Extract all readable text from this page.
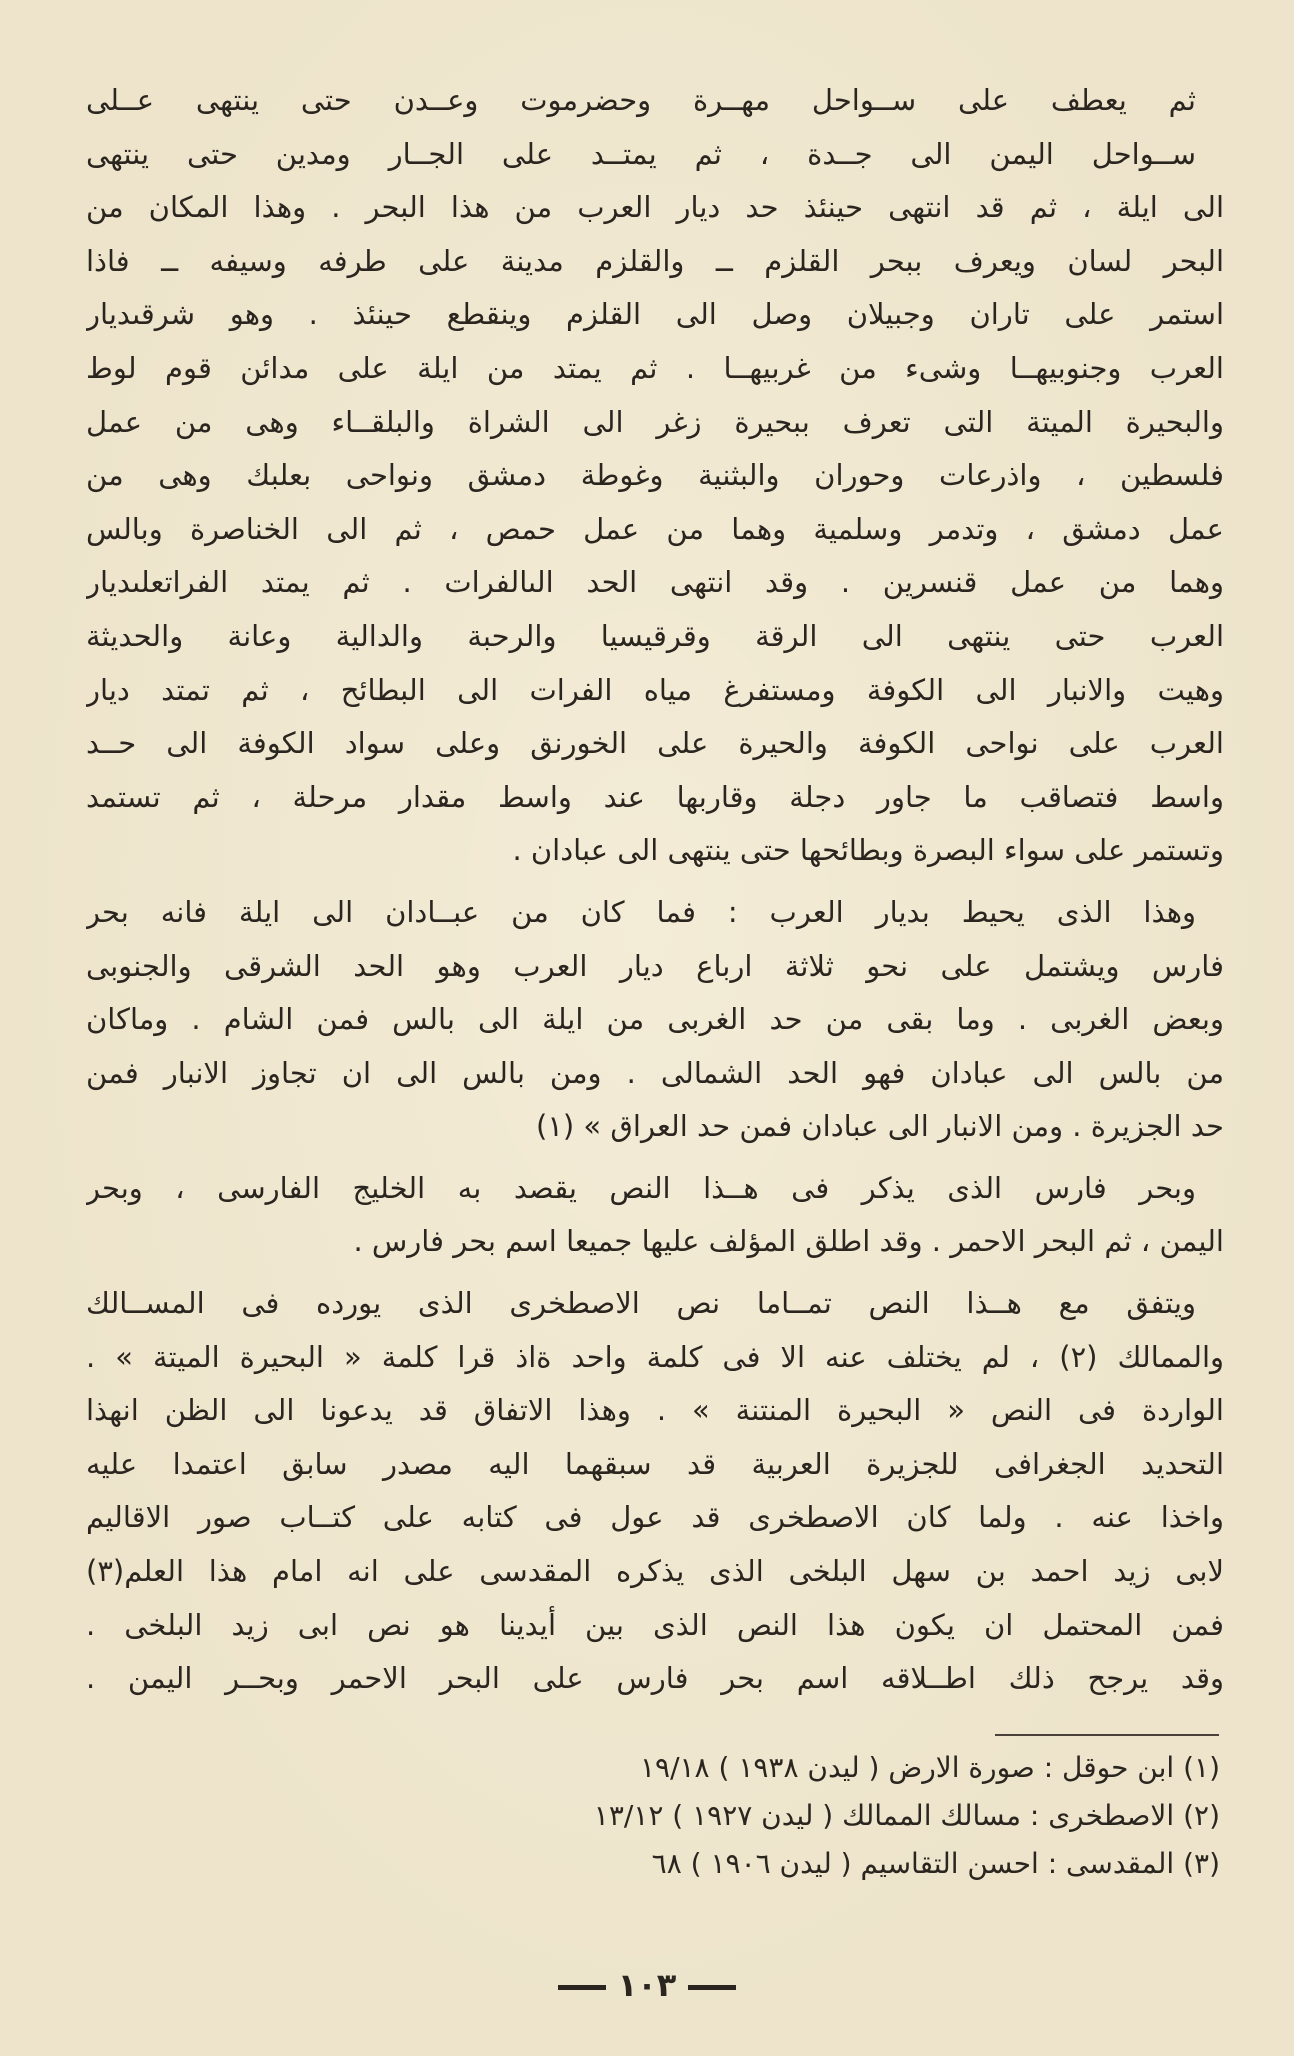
ثم يعطف على ســواحل مهــرة وحضرموت وعــدن حتى ينتهى عــلى
ســواحل اليمن الى جــدة ، ثم يمتــد على الجــار ومدين حتى ينتهى
الى ايلة ، ثم قد انتهى حينئذ حد ديار العرب من هذا البحر . وهذا المكان من
البحر لسان ويعرف ببحر القلزم ــ والقلزم مدينة على طرفه وسيفه ــ فاذا
استمر على تاران وجبيلان وصل الى القلزم وينقطع حينئذ . وهو شرقىديار
العرب وجنوبيهــا وشىء من غربيهــا . ثم يمتد من ايلة على مدائن قوم لوط
والبحيرة الميتة التى تعرف ببحيرة زغر الى الشراة والبلقــاء وهى من عمل
فلسطين ، واذرعات وحوران والبثنية وغوطة دمشق ونواحى بعلبك وهى من
عمل دمشق ، وتدمر وسلمية وهما من عمل حمص ، ثم الى الخناصرة وبالس
وهما من عمل قنسرين . وقد انتهى الحد الىالفرات . ثم يمتد الفراتعلىديار
العرب حتى ينتهى الى الرقة وقرقيسيا والرحبة والدالية وعانة والحديثة
وهيت والانبار الى الكوفة ومستفرغ مياه الفرات الى البطائح ، ثم تمتد ديار
العرب على نواحى الكوفة والحيرة على الخورنق وعلى سواد الكوفة الى حــد
واسط فتصاقب ما جاور دجلة وقاربها عند واسط مقدار مرحلة ، ثم تستمد
وتستمر على سواء البصرة وبطائحها حتى ينتهى الى عبادان .
وهذا الذى يحيط بديار العرب : فما كان من عبــادان الى ايلة فانه بحر
فارس ويشتمل على نحو ثلاثة ارباع ديار العرب وهو الحد الشرقى والجنوبى
وبعض الغربى . وما بقى من حد الغربى من ايلة الى بالس فمن الشام . وماكان
من بالس الى عبادان فهو الحد الشمالى . ومن بالس الى ان تجاوز الانبار فمن
حد الجزيرة . ومن الانبار الى عبادان فمن حد العراق » (١)
وبحر فارس الذى يذكر فى هــذا النص يقصد به الخليج الفارسى ، وبحر
اليمن ، ثم البحر الاحمر . وقد اطلق المؤلف عليها جميعا اسم بحر فارس .
ويتفق مع هــذا النص تمــاما نص الاصطخرى الذى يورده فى المســالك
والممالك (٢) ، لم يختلف عنه الا فى كلمة واحد ةاذ قرا كلمة « البحيرة الميتة » .
الواردة فى النص « البحيرة المنتنة » . وهذا الاتفاق قد يدعونا الى الظن انهذا
التحديد الجغرافى للجزيرة العربية قد سبقهما اليه مصدر سابق اعتمدا عليه
واخذا عنه . ولما كان الاصطخرى قد عول فى كتابه على كتــاب صور الاقاليم
لابى زيد احمد بن سهل البلخى الذى يذكره المقدسى على انه امام هذا العلم(٣)
فمن المحتمل ان يكون هذا النص الذى بين أيدينا هو نص ابى زيد البلخى .
وقد يرجح ذلك اطــلاقه اسم بحر فارس على البحر الاحمر وبحــر اليمن .
(١) ابن حوقل : صورة الارض ( ليدن ١٩٣٨ ) ١٩/١٨
(٢) الاصطخرى : مسالك الممالك ( ليدن ١٩٢٧ ) ١٣/١٢
(٣) المقدسى : احسن التقاسيم ( ليدن ١٩٠٦ ) ٦٨
١٠٣
